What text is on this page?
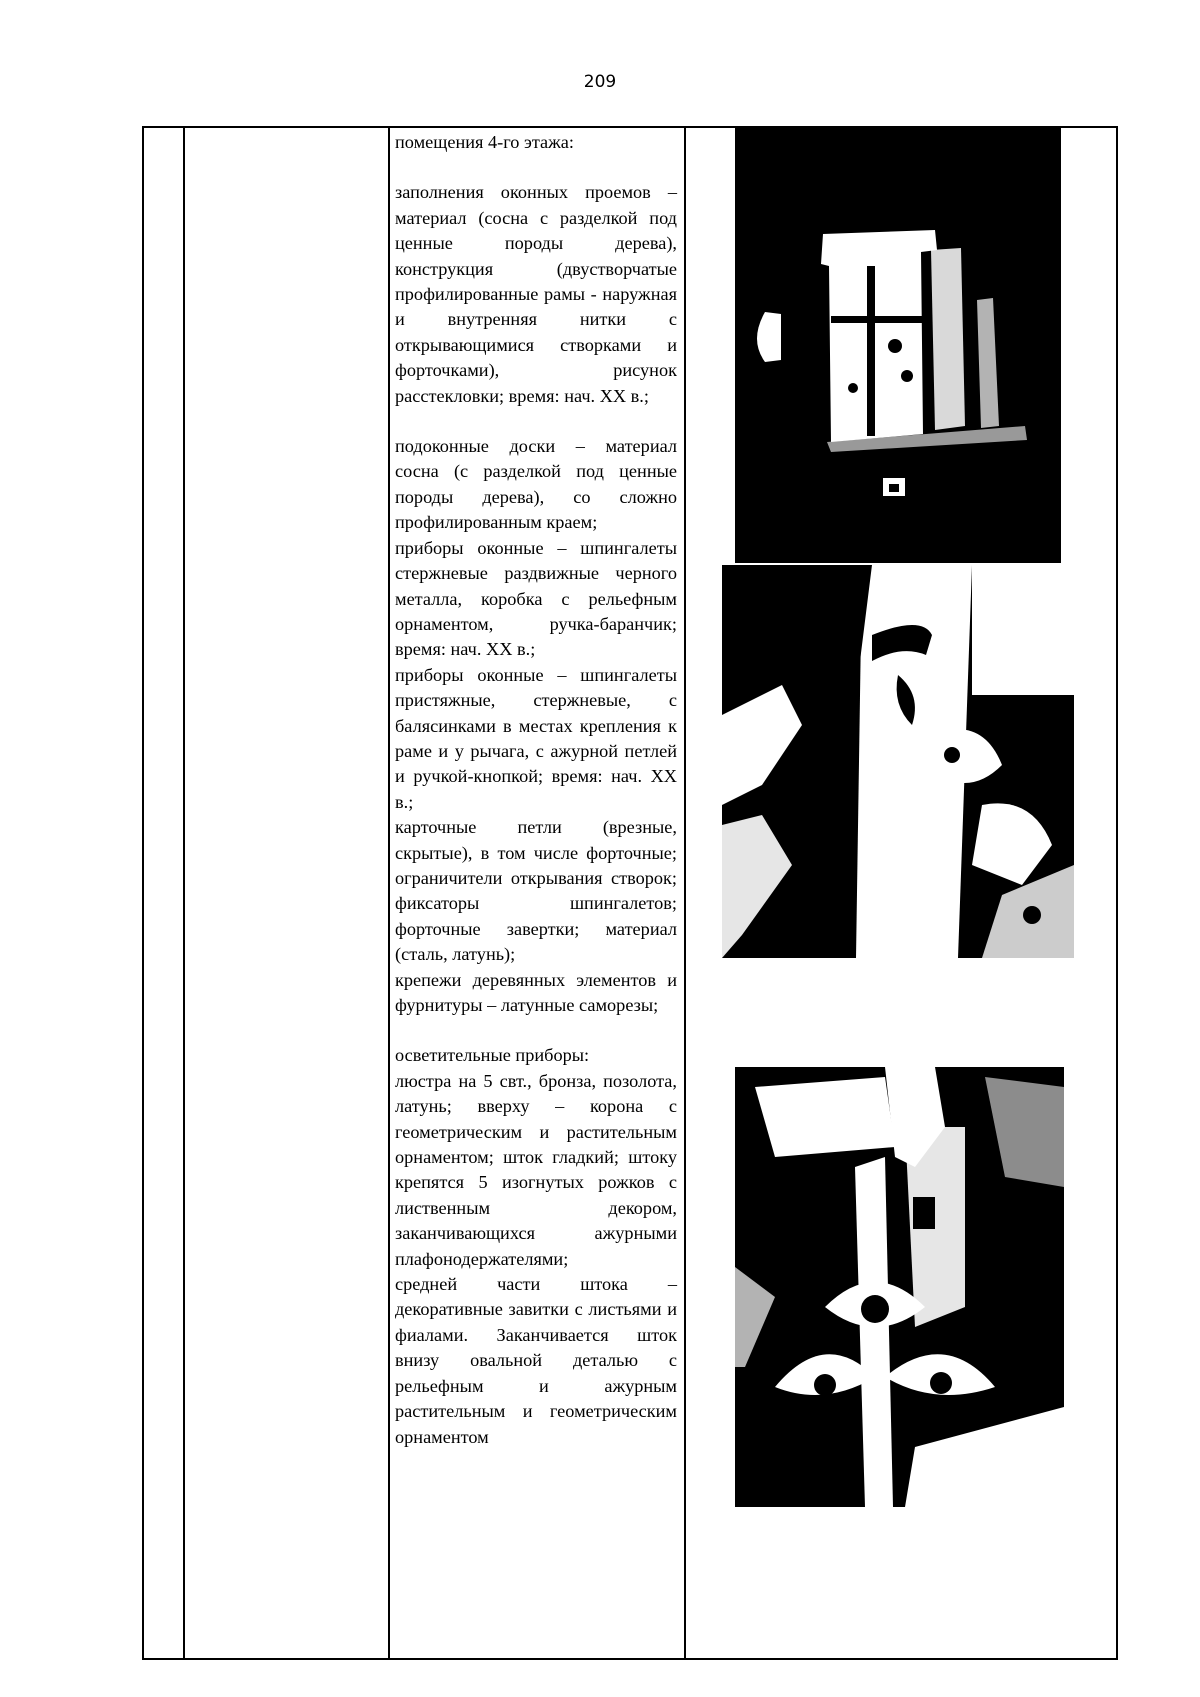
209

помещения 4-го этажа:

заполнения оконных проемов – материал (сосна с разделкой под ценные породы дерева), конструкция (двустворчатые профилированные рамы - наружная и внутренняя нитки с открывающимися створками и форточками), рисунок расстекловки; время: нач. XX в.;

подоконные доски – материал сосна (с разделкой под ценные породы дерева), со сложно профилированным краем;

приборы оконные – шпингалеты стержневые раздвижные черного металла, коробка с рельефным орнаментом, ручка-баранчик; время: нач. XX в.;

приборы оконные – шпингалеты пристяжные, стержневые, с балясинками в местах крепления к раме и у рычага, с ажурной петлей и ручкой-кнопкой; время: нач. XX в.;

карточные петли (врезные, скрытые), в том числе форточные; ограничители открывания створок; фиксаторы шпингалетов; форточные завертки; материал (сталь, латунь);

крепежи деревянных элементов и фурнитуры – латунные саморезы;

осветительные приборы:

люстра на 5 свт., бронза, позолота, латунь; вверху – корона с геометрическим и растительным орнаментом; шток гладкий; штоку крепятся 5 изогнутых рожков с лиственным декором, заканчивающихся ажурными плафонодержателями;

средней части штока – декоративные завитки с листьями и фиалами. Заканчивается шток внизу овальной деталью с рельефным и ажурным растительным и геометрическим орнаментом
